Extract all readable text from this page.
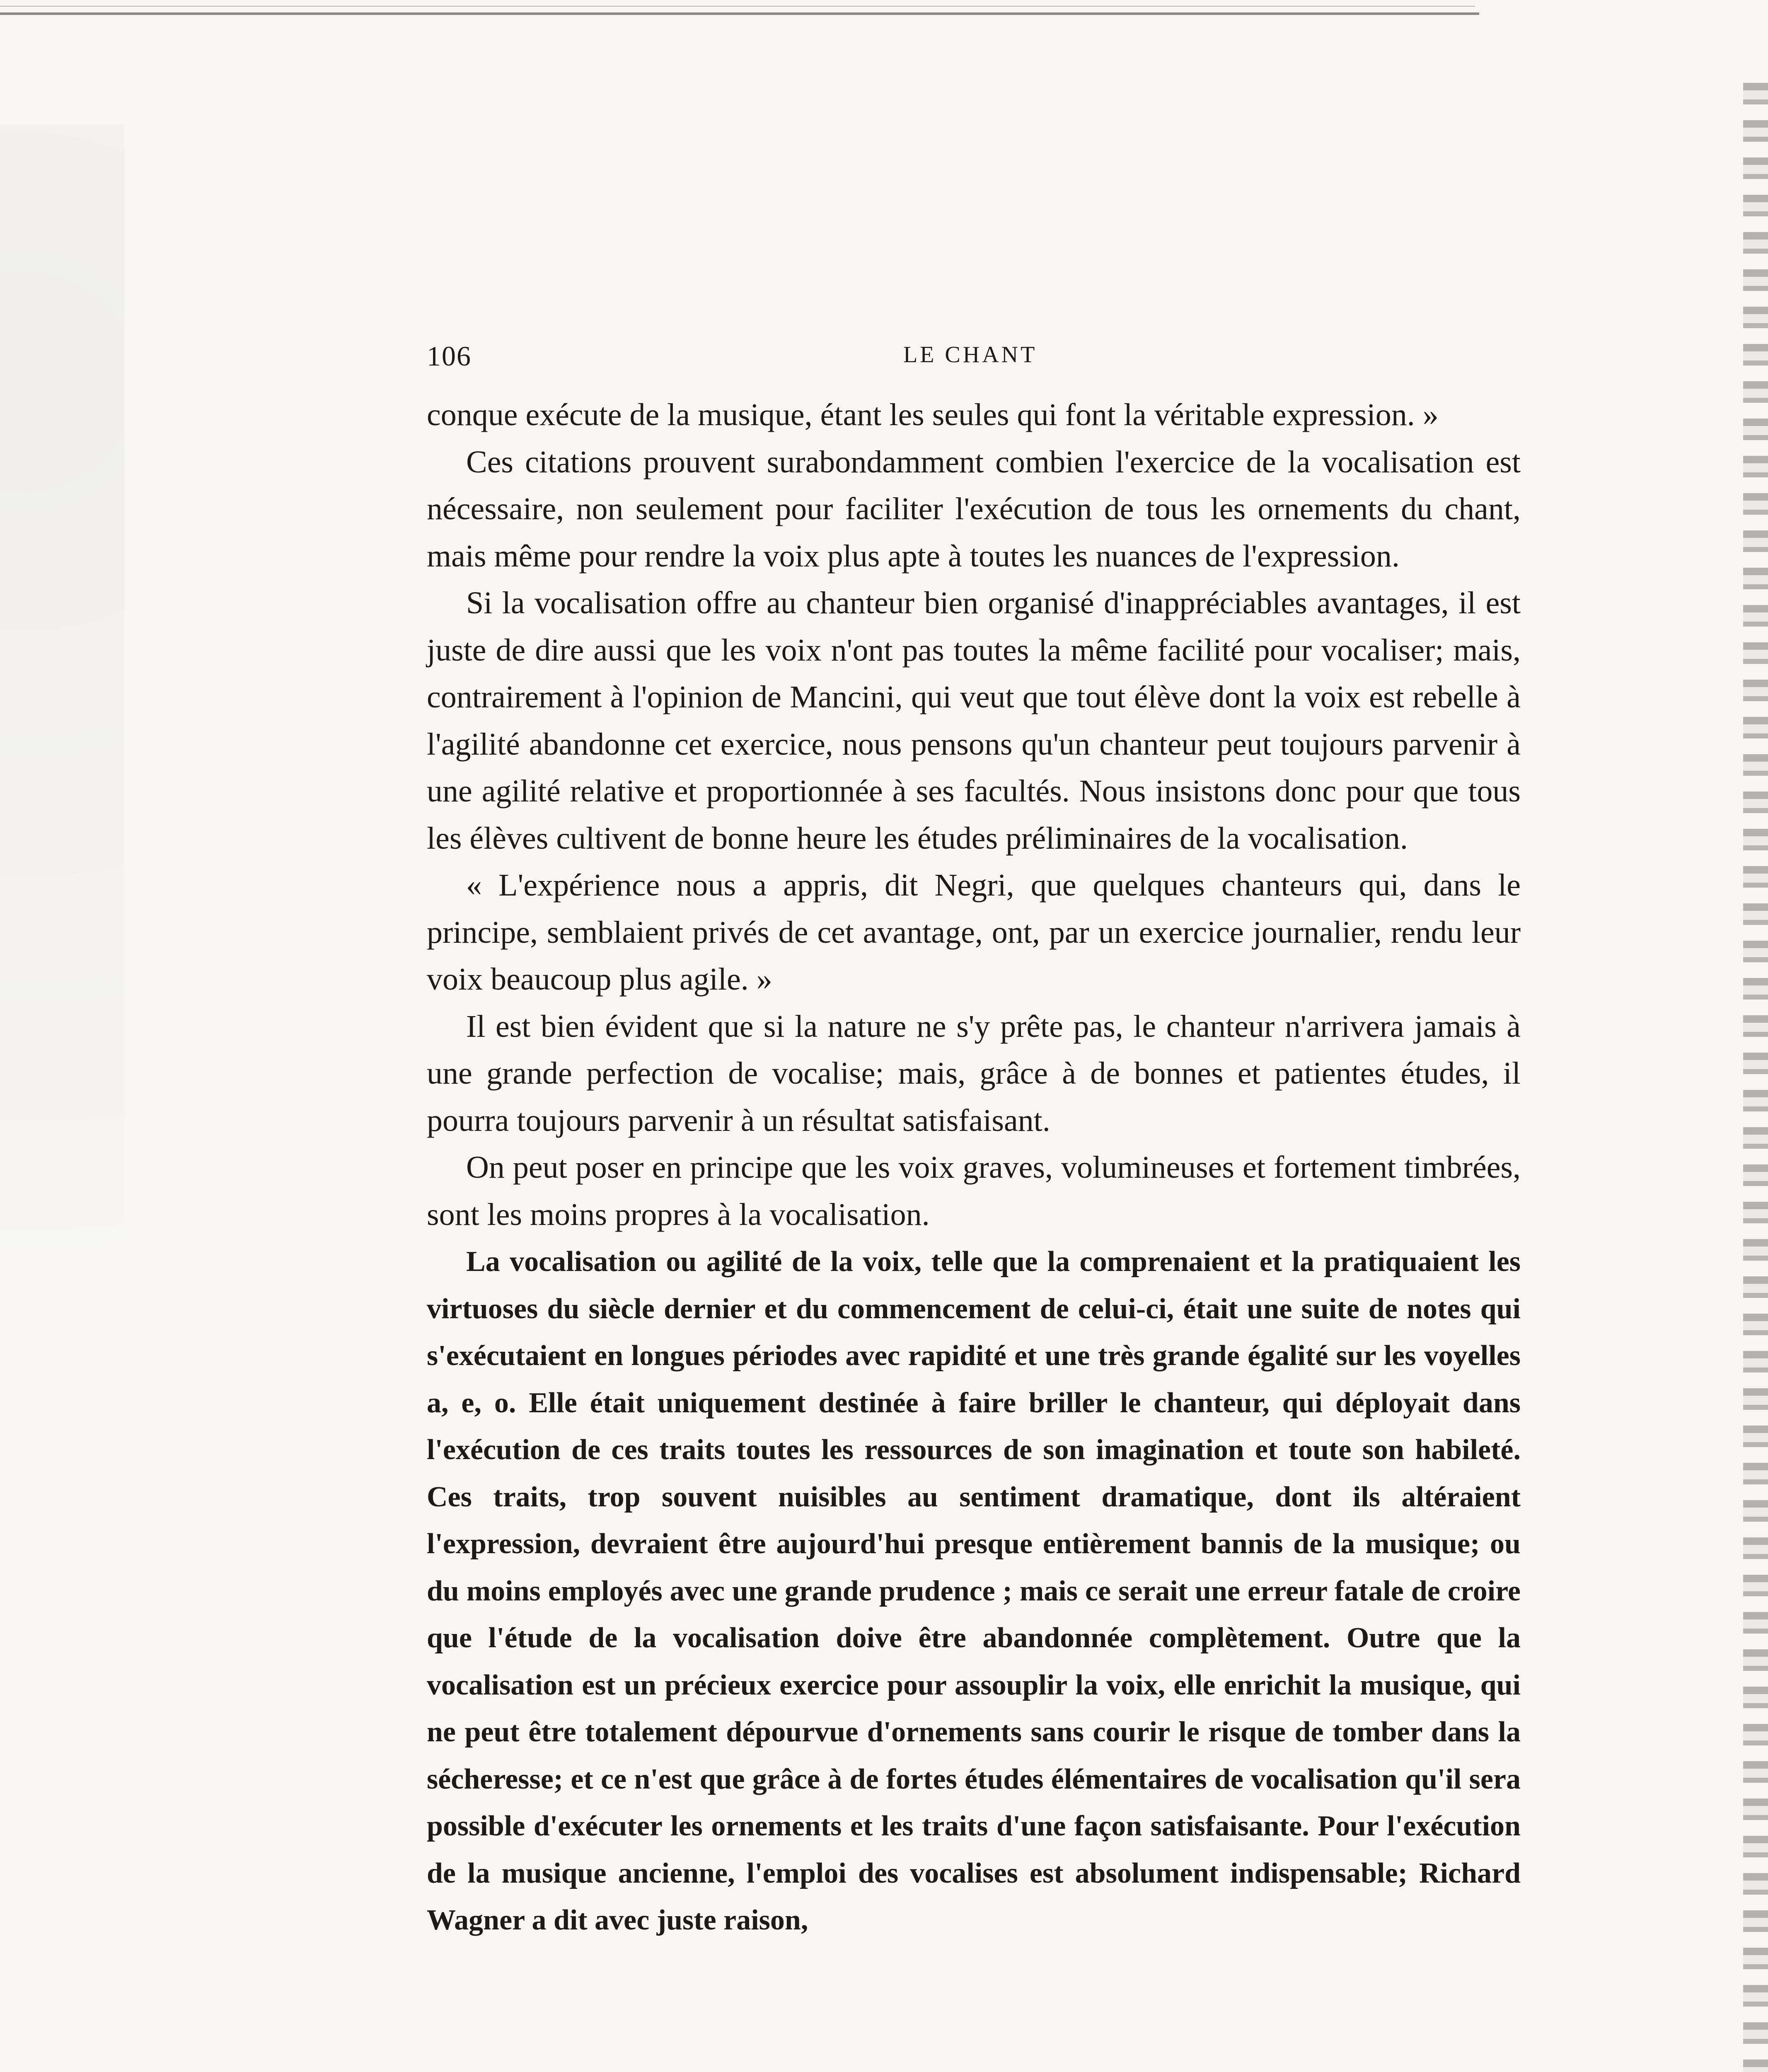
106	LE CHANT

conque exécute de la musique, étant les seules qui font la véritable expression. »

Ces citations prouvent surabondamment combien l'exercice de la vocalisation est nécessaire, non seulement pour faciliter l'exécution de tous les ornements du chant, mais même pour rendre la voix plus apte à toutes les nuances de l'expression.

Si la vocalisation offre au chanteur bien organisé d'inappréciables avantages, il est juste de dire aussi que les voix n'ont pas toutes la même facilité pour vocaliser; mais, contrairement à l'opinion de Mancini, qui veut que tout élève dont la voix est rebelle à l'agilité abandonne cet exercice, nous pensons qu'un chanteur peut toujours parvenir à une agilité relative et proportionnée à ses facultés. Nous insistons donc pour que tous les élèves cultivent de bonne heure les études préliminaires de la vocalisation.

« L'expérience nous a appris, dit Negri, que quelques chanteurs qui, dans le principe, semblaient privés de cet avantage, ont, par un exercice journalier, rendu leur voix beaucoup plus agile. »

Il est bien évident que si la nature ne s'y prête pas, le chanteur n'arrivera jamais à une grande perfection de vocalise; mais, grâce à de bonnes et patientes études, il pourra toujours parvenir à un résultat satisfaisant.

On peut poser en principe que les voix graves, volumineuses et fortement timbrées, sont les moins propres à la vocalisation.

La vocalisation ou agilité de la voix, telle que la comprenaient et la pratiquaient les virtuoses du siècle dernier et du commencement de celui-ci, était une suite de notes qui s'exécutaient en longues périodes avec rapidité et une très grande égalité sur les voyelles a, e, o. Elle était uniquement destinée à faire briller le chanteur, qui déployait dans l'exécution de ces traits toutes les ressources de son imagination et toute son habileté. Ces traits, trop souvent nuisibles au sentiment dramatique, dont ils altéraient l'expression, devraient être aujourd'hui presque entièrement bannis de la musique; ou du moins employés avec une grande prudence ; mais ce serait une erreur fatale de croire que l'étude de la vocalisation doive être abandonnée complètement. Outre que la vocalisation est un précieux exercice pour assouplir la voix, elle enrichit la musique, qui ne peut être totalement dépourvue d'ornements sans courir le risque de tomber dans la sécheresse; et ce n'est que grâce à de fortes études élémentaires de vocalisation qu'il sera possible d'exécuter les ornements et les traits d'une façon satisfaisante. Pour l'exécution de la musique ancienne, l'emploi des vocalises est absolument indispensable; Richard Wagner a dit avec juste raison,
